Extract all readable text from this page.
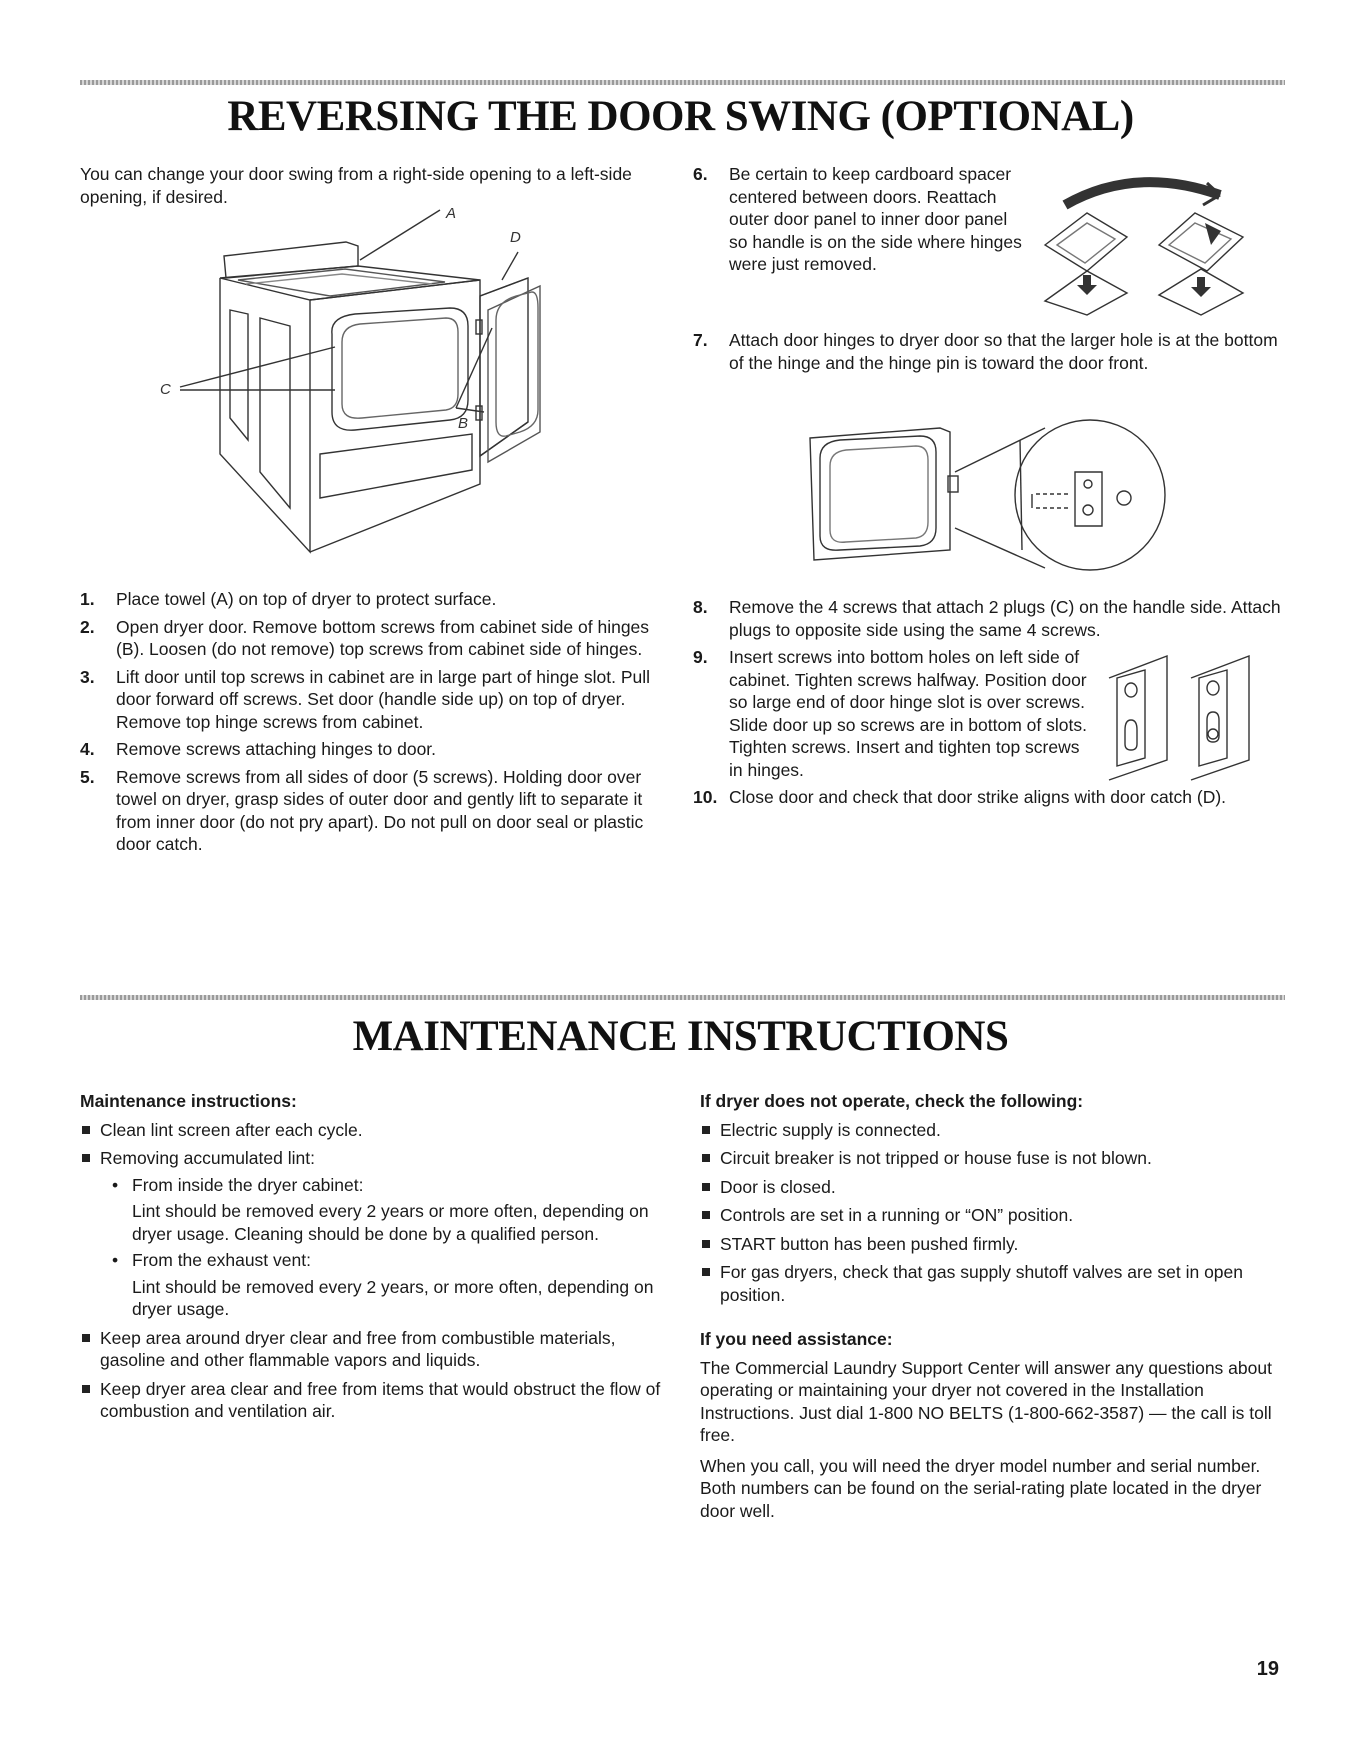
REVERSING THE DOOR SWING (OPTIONAL)

You can change your door swing from a right-side opening to a left-side opening, if desired.

A
D
C
B
1 . Place towel (A) on top of dryer to protect surface.
2 . Open dryer door. Remove bottom screws from cabinet side of hinges (B). Loosen (do not remove) top screws from cabinet side of hinges.
3 . Lift door until top screws in cabinet are in large part of hinge slot. Pull door forward off screws. Set door (handle side up) on top of dryer. Remove top hinge screws from cabinet.
4 . Remove screws attaching hinges to door.
5 . Remove screws from all sides of door (5 screws). Holding door over towel on dryer, grasp sides of outer door and gently lift to separate it from inner door (do not pry apart). Do not pull on door seal or plastic door catch.
6 . Be certain to keep cardboard spacer centered between doors. Reattach outer door panel to inner door panel so handle is on the side where hinges were just removed.
7 . Attach door hinges to dryer door so that the larger hole is at the bottom of the hinge and the hinge pin is toward the door front.
8 . Remove the 4 screws that attach 2 plugs (C) on the handle side. Attach plugs to opposite side using the same 4 screws.
9 . Insert screws into bottom holes on left side of cabinet. Tighten screws halfway. Position door so large end of door hinge slot is over screws. Slide door up so screws are in bottom of slots. Tighten screws. Insert and tighten top screws in hinges.
10 . Close door and check that door strike aligns with door catch (D).
MAINTENANCE INSTRUCTIONS
Maintenance instructions:
Clean lint screen after each cycle.
Removing accumulated lint:
• From inside the dryer cabinet:
Lint should be removed every 2 years or more often, depending on dryer usage. Cleaning should be done by a qualified person.
• From the exhaust vent:
Lint should be removed every 2 years, or more often, depending on dryer usage.
Keep area around dryer clear and free from combustible materials, gasoline and other flammable vapors and liquids.
Keep dryer area clear and free from items that would obstruct the flow of combustion and ventilation air.
If dryer does not operate, check the following:
Electric supply is connected.
Circuit breaker is not tripped or house fuse is not blown.
Door is closed.
Controls are set in a running or “ON” position.
START button has been pushed firmly.
For gas dryers, check that gas supply shutoff valves are set in open position.
If you need assistance:

The Commercial Laundry Support Center will answer any questions about operating or maintaining your dryer not covered in the Installation Instructions. Just dial 1-800 NO BELTS (1-800-662-3587) — the call is toll free.

When you call, you will need the dryer model number and serial number. Both numbers can be found on the serial-rating plate located in the dryer door well.

19
